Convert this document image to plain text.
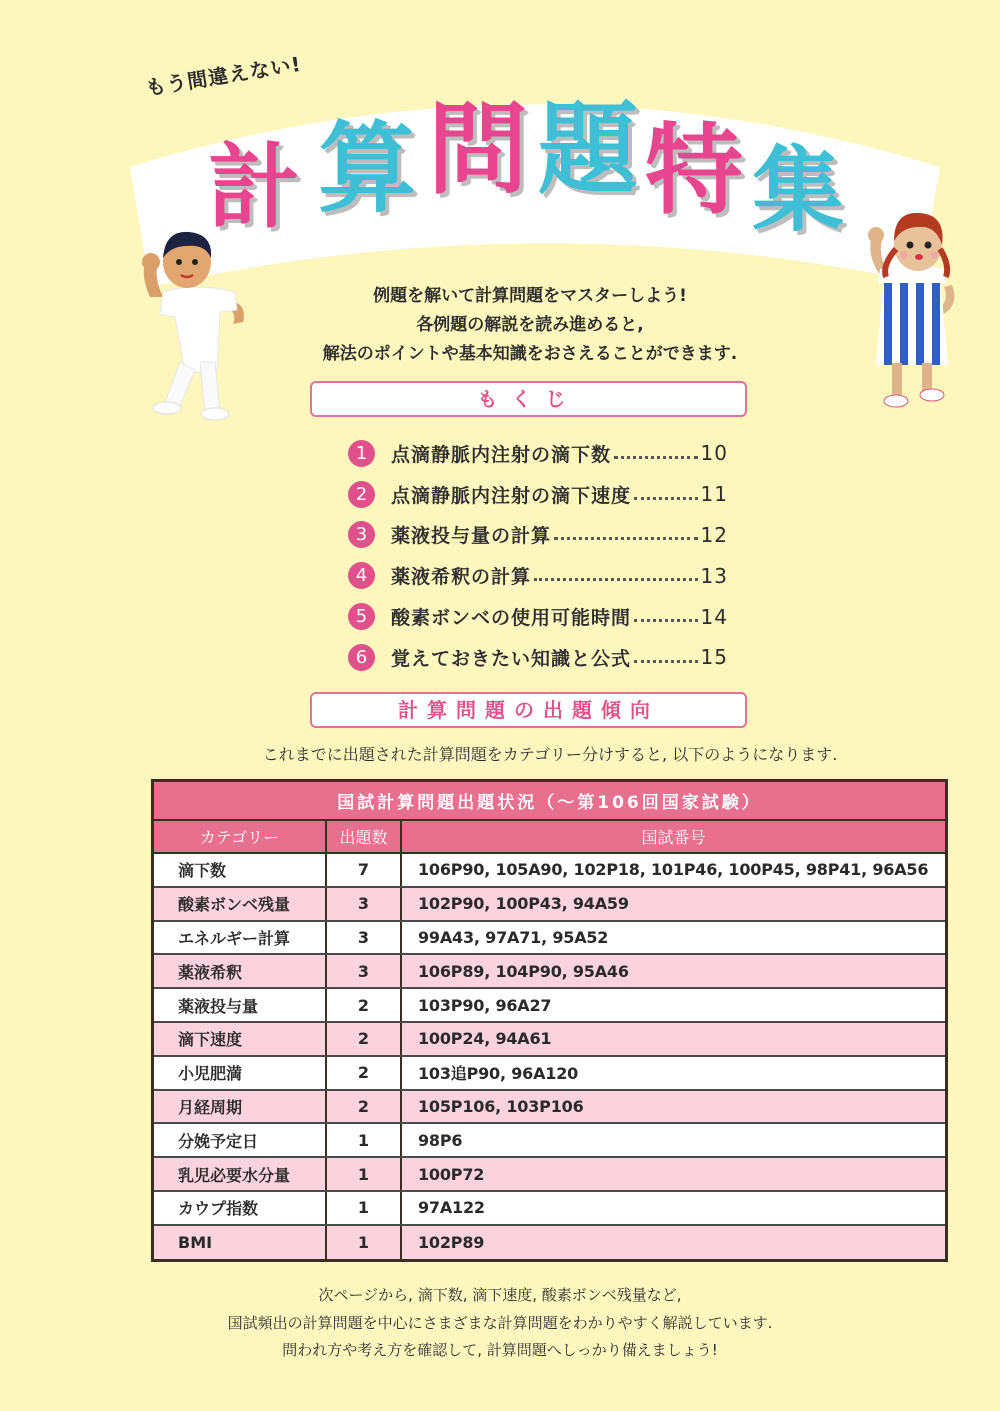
もう間違えない!
計 算 問 題 特 集
例題を解いて計算問題をマスターしよう!
各例題の解説を読み進めると,
解法のポイントや基本知識をおさえることができます.
もくじ
1	点滴静脈内注射の滴下数	10
2	点滴静脈内注射の滴下速度	11
3	薬液投与量の計算	12
4	薬液希釈の計算	13
5	酸素ボンベの使用可能時間	14
6	覚えておきたい知識と公式	15
計算問題の出題傾向
これまでに出題された計算問題をカテゴリー分けすると, 以下のようになります.
国試計算問題出題状況（～第106回国家試験）		
カテゴリー	出題数	国試番号
滴下数	7	106P90, 105A90, 102P18, 101P46, 100P45, 98P41, 96A56
酸素ボンベ残量	3	102P90, 100P43, 94A59
エネルギー計算	3	99A43, 97A71, 95A52
薬液希釈	3	106P89, 104P90, 95A46
薬液投与量	2	103P90, 96A27
滴下速度	2	100P24, 94A61
小児肥満	2	103追P90, 96A120
月経周期	2	105P106, 103P106
分娩予定日	1	98P6
乳児必要水分量	1	100P72
カウプ指数	1	97A122
BMI	1	102P89
次ページから, 滴下数, 滴下速度, 酸素ボンベ残量など,
国試頻出の計算問題を中心にさまざまな計算問題をわかりやすく解説しています.
問われ方や考え方を確認して, 計算問題へしっかり備えましょう!
